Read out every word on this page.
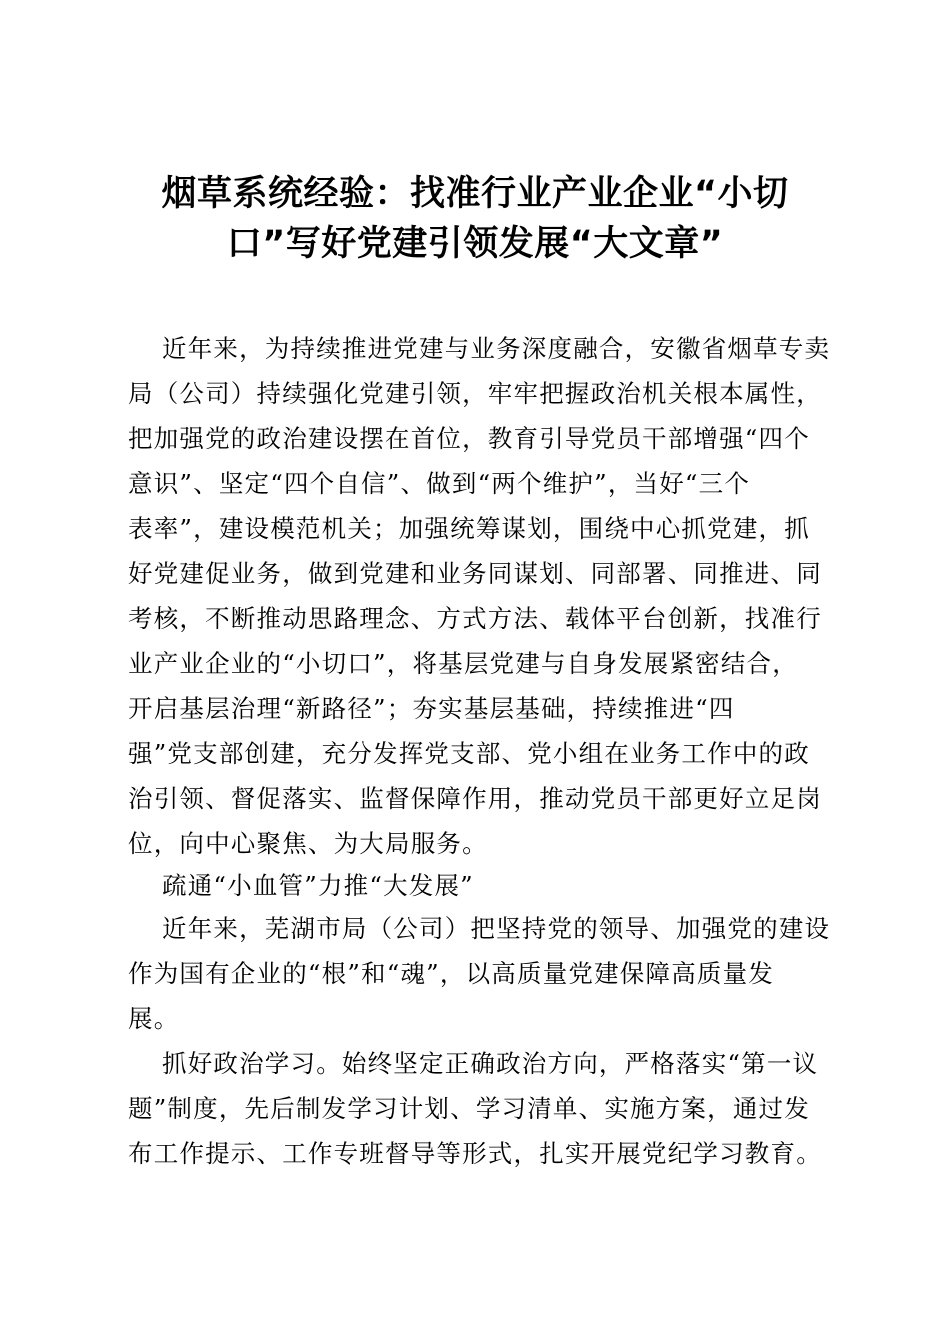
烟草系统经验：找准行业产业企业“小切
口”写好党建引领发展“大文章”
近年来，为持续推进党建与业务深度融合，安徽省烟草专卖
局（公司）持续强化党建引领，牢牢把握政治机关根本属性，
把加强党的政治建设摆在首位，教育引导党员干部增强“四个
意识”、坚定“四个自信”、做到“两个维护”，当好“三个
表率”，建设模范机关；加强统筹谋划，围绕中心抓党建，抓
好党建促业务，做到党建和业务同谋划、同部署、同推进、同
考核，不断推动思路理念、方式方法、载体平台创新，找准行
业产业企业的“小切口”，将基层党建与自身发展紧密结合，
开启基层治理“新路径”；夯实基层基础，持续推进“四
强”党支部创建，充分发挥党支部、党小组在业务工作中的政
治引领、督促落实、监督保障作用，推动党员干部更好立足岗
位，向中心聚焦、为大局服务。
疏通“小血管”力推“大发展”
近年来，芜湖市局（公司）把坚持党的领导、加强党的建设
作为国有企业的“根”和“魂”，以高质量党建保障高质量发
展。
抓好政治学习。始终坚定正确政治方向，严格落实“第一议
题”制度，先后制发学习计划、学习清单、实施方案，通过发
布工作提示、工作专班督导等形式，扎实开展党纪学习教育。
